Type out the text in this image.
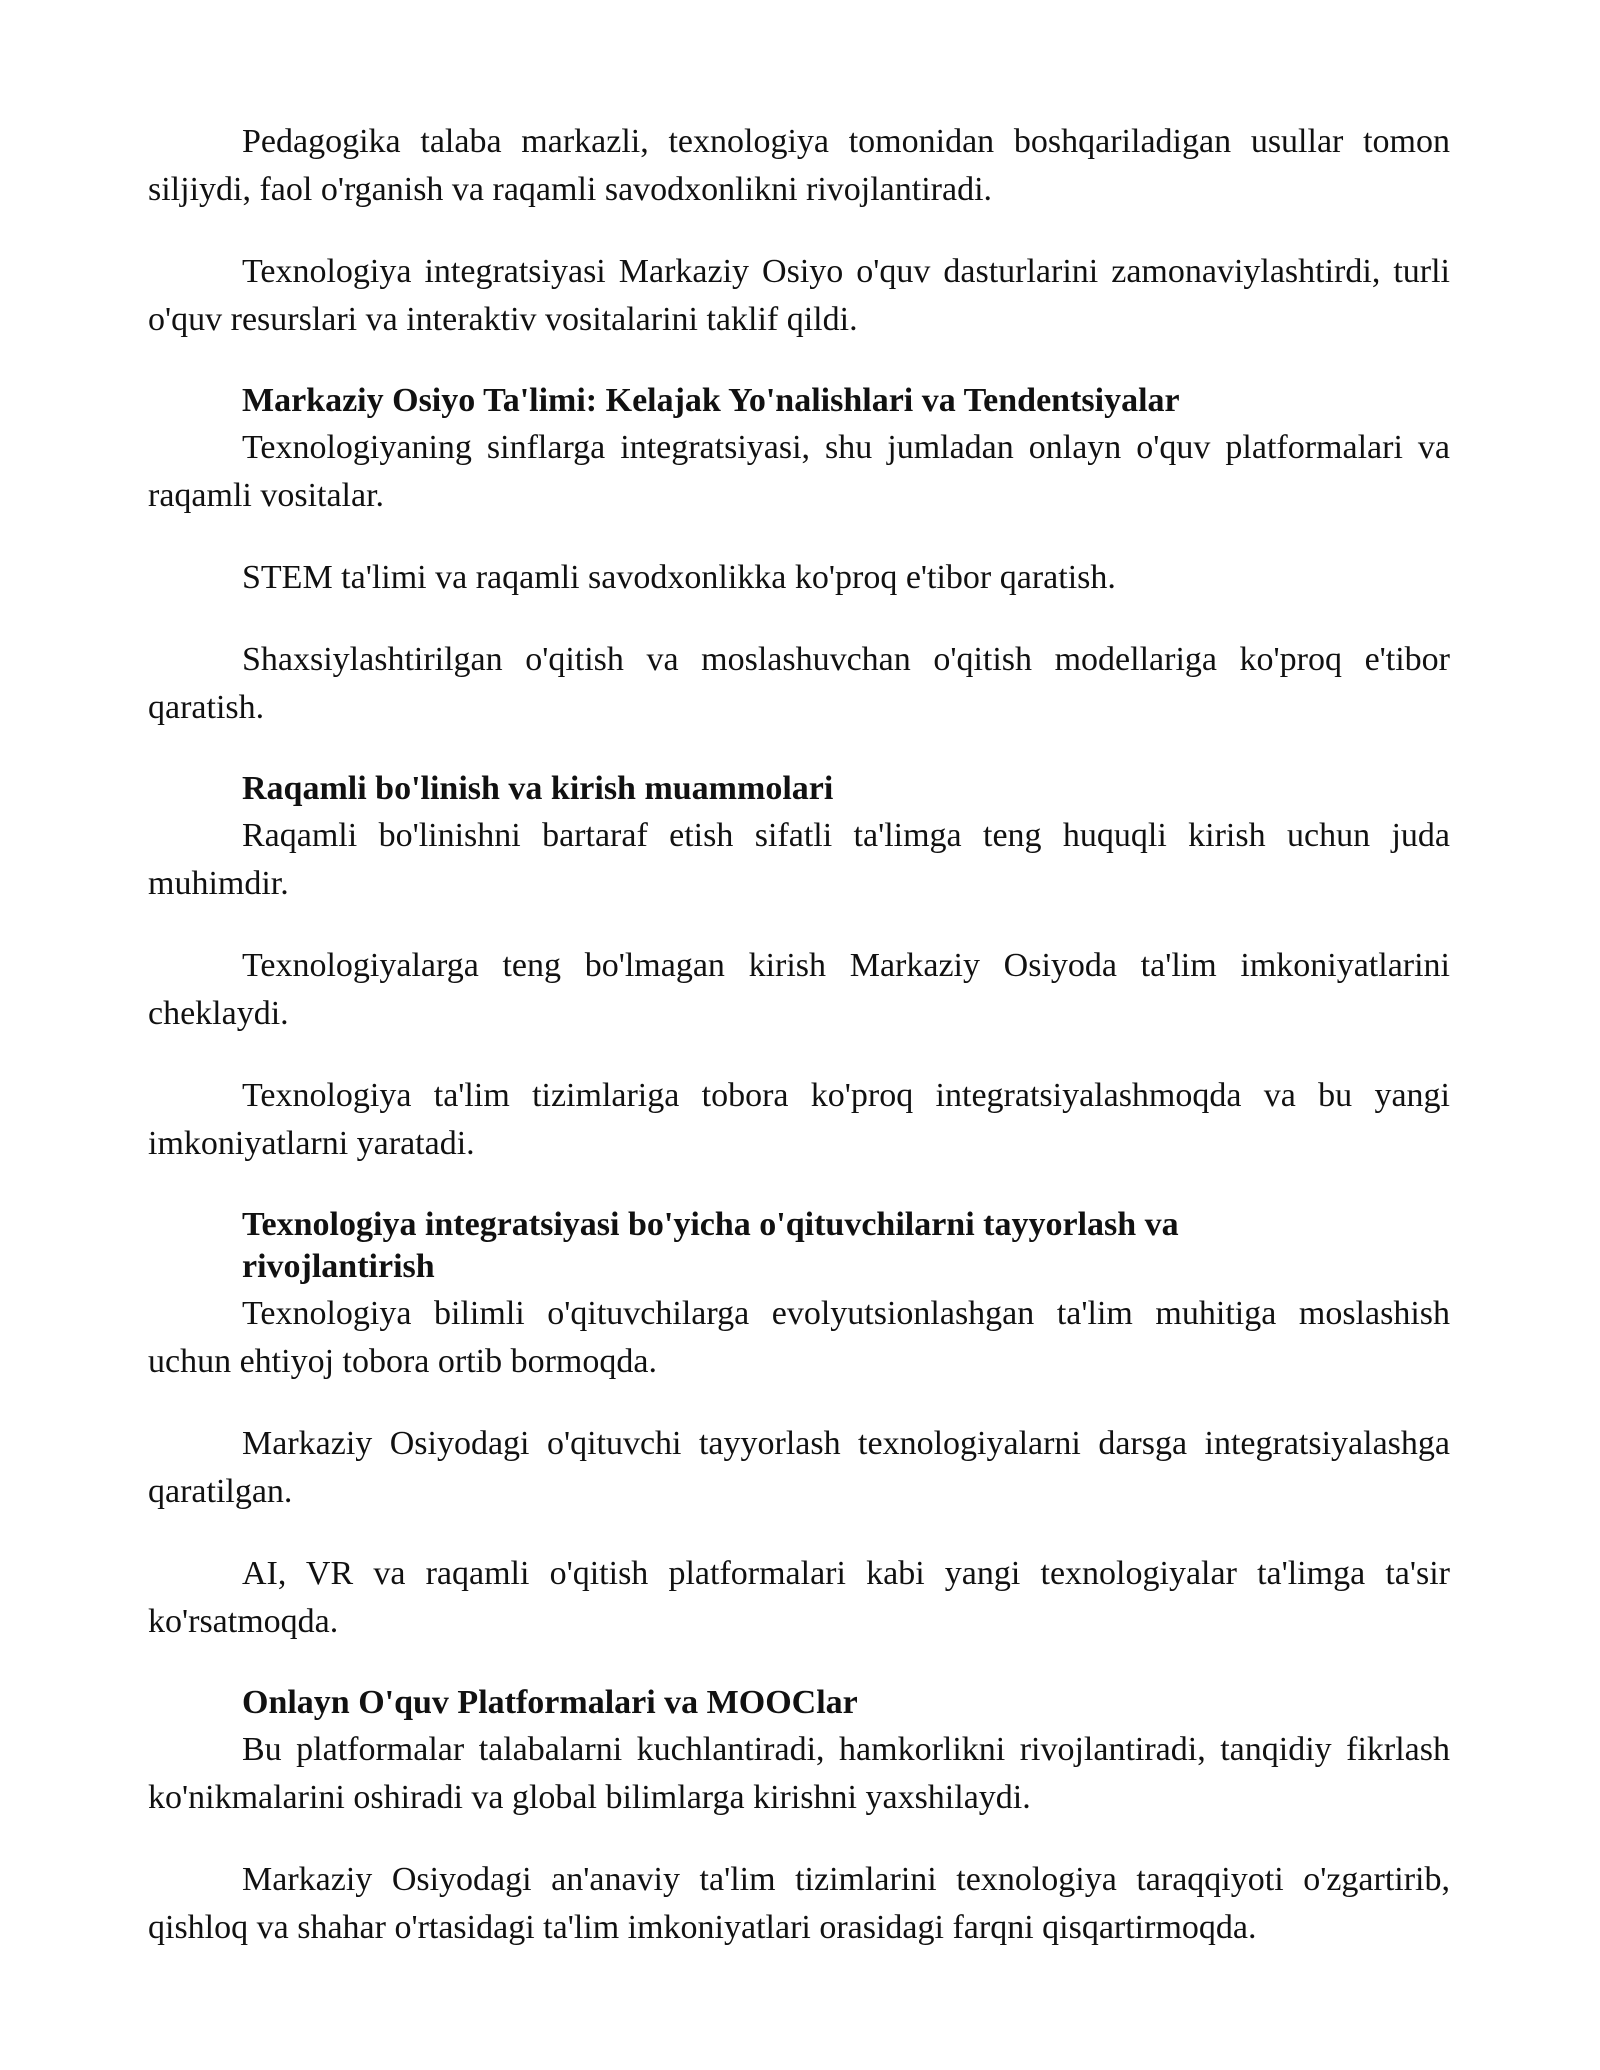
Pedagogika talaba markazli, texnologiya tomonidan boshqariladigan usullar tomon siljiydi, faol o'rganish va raqamli savodxonlikni rivojlantiradi.

Texnologiya integratsiyasi Markaziy Osiyo o'quv dasturlarini zamonaviylashtirdi, turli o'quv resurslari va interaktiv vositalarini taklif qildi.

Markaziy Osiyo Ta'limi: Kelajak Yo'nalishlari va Tendentsiyalar

Texnologiyaning sinflarga integratsiyasi, shu jumladan onlayn o'quv platformalari va raqamli vositalar.

STEM ta'limi va raqamli savodxonlikka ko'proq e'tibor qaratish.

Shaxsiylashtirilgan o'qitish va moslashuvchan o'qitish modellariga ko'proq e'tibor qaratish.

Raqamli bo'linish va kirish muammolari

Raqamli bo'linishni bartaraf etish sifatli ta'limga teng huquqli kirish uchun juda muhimdir.

Texnologiyalarga teng bo'lmagan kirish Markaziy Osiyoda ta'lim imkoniyatlarini cheklaydi.

Texnologiya ta'lim tizimlariga tobora ko'proq integratsiyalashmoqda va bu yangi imkoniyatlarni yaratadi.

Texnologiya integratsiyasi bo'yicha o'qituvchilarni tayyorlash va rivojlantirish

Texnologiya bilimli o'qituvchilarga evolyutsionlashgan ta'lim muhitiga moslashish uchun ehtiyoj tobora ortib bormoqda.

Markaziy Osiyodagi o'qituvchi tayyorlash texnologiyalarni darsga integratsiyalashga qaratilgan.

AI, VR va raqamli o'qitish platformalari kabi yangi texnologiyalar ta'limga ta'sir ko'rsatmoqda.

Onlayn O'quv Platformalari va MOOClar

Bu platformalar talabalarni kuchlantiradi, hamkorlikni rivojlantiradi, tanqidiy fikrlash ko'nikmalarini oshiradi va global bilimlarga kirishni yaxshilaydi.

Markaziy Osiyodagi an'anaviy ta'lim tizimlarini texnologiya taraqqiyoti o'zgartirib, qishloq va shahar o'rtasidagi ta'lim imkoniyatlari orasidagi farqni qisqartirmoqda.
